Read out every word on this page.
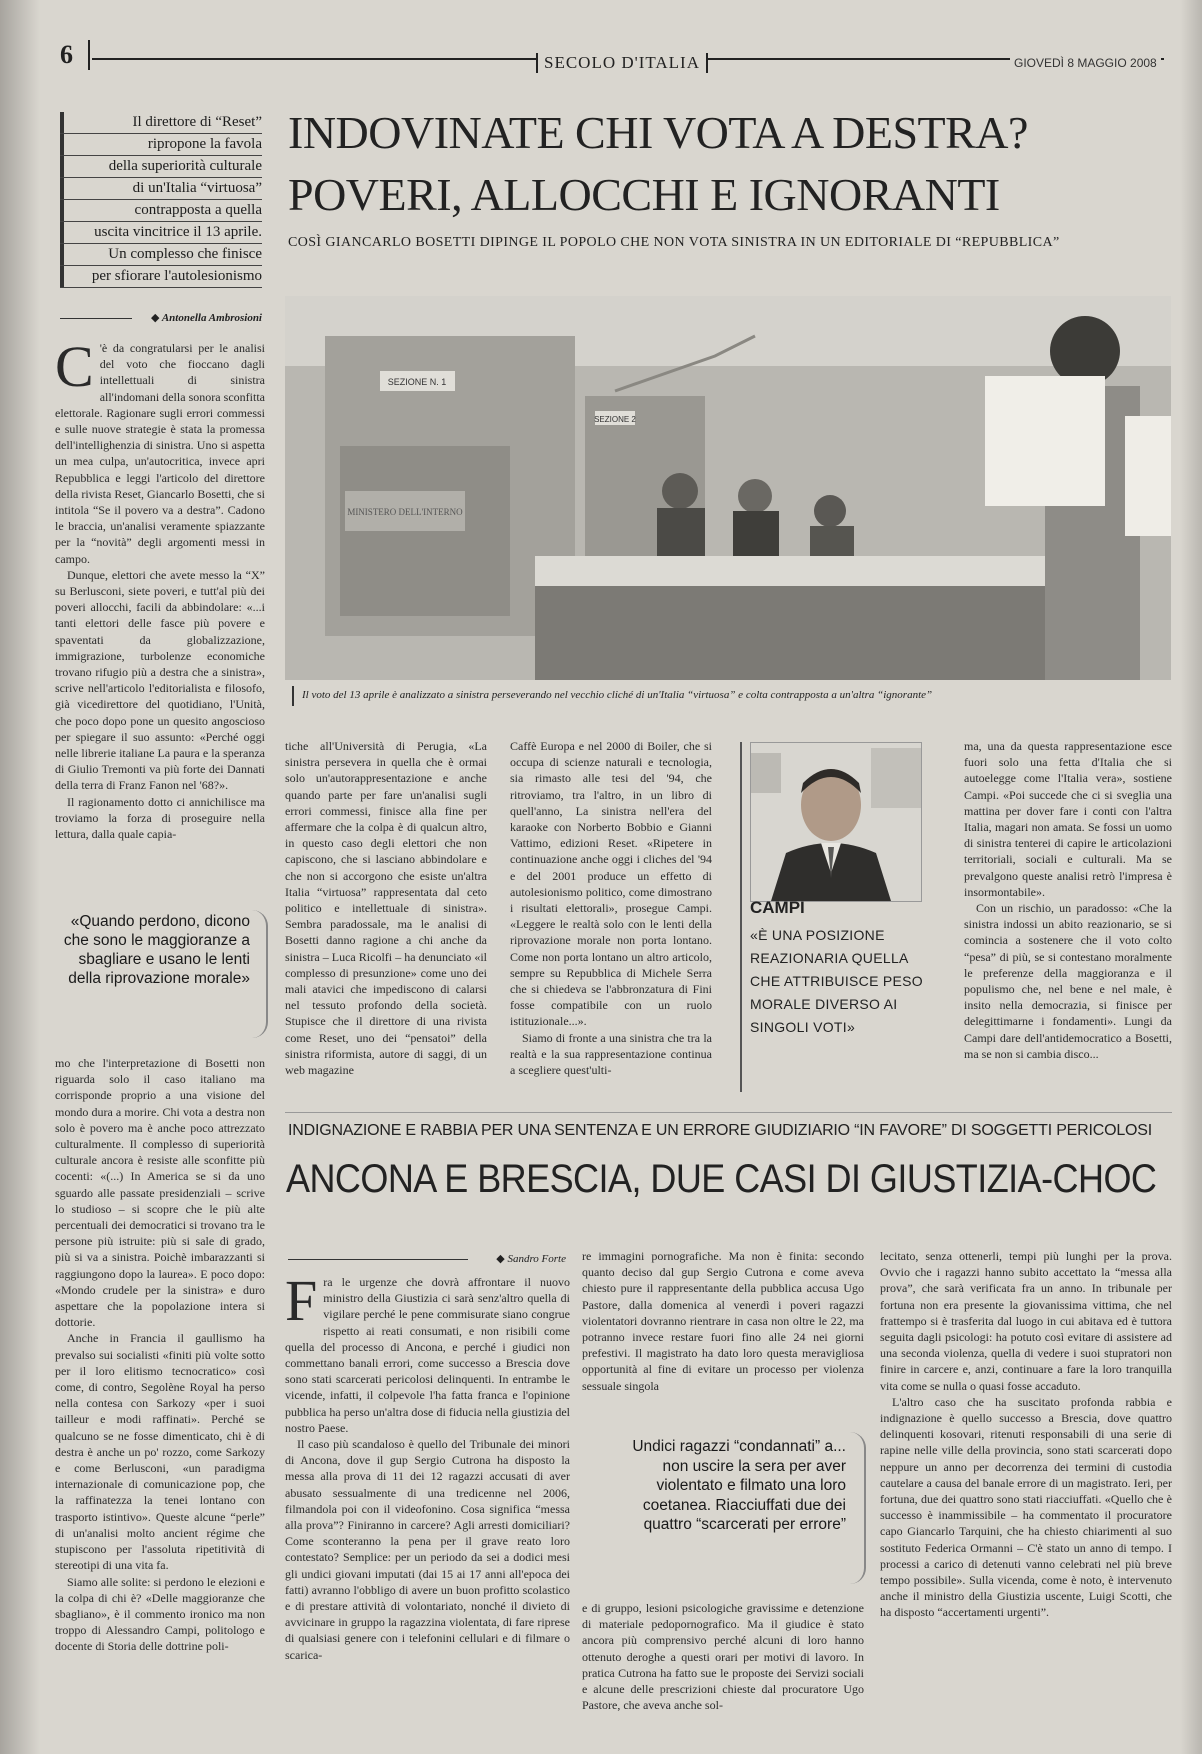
6	SECOLO D'ITALIA	GIOVEDÌ 8 MAGGIO 2008
Il direttore di “Reset”
ripropone la favola
della superiorità culturale
di un'Italia “virtuosa”
contrapposta a quella
uscita vincitrice il 13 aprile.
Un complesso che finisce
per sfiorare l'autolesionismo
INDOVINATE CHI VOTA A DESTRA?
POVERI, ALLOCCHI E IGNORANTI
COSÌ GIANCARLO BOSETTI DIPINGE IL POPOLO CHE NON VOTA SINISTRA IN UN EDITORIALE DI “REPUBBLICA”
◆ Antonella Ambrosioni

C 'è da congratularsi per le analisi del voto che fioccano dagli intellettuali di sinistra all'indomani della sonora sconfitta elettorale. Ragionare sugli errori commessi e sulle nuove strategie è stata la promessa dell'intellighenzia di sinistra. Uno si aspetta un mea culpa, un'autocritica, invece apri Repubblica e leggi l'articolo del direttore della rivista Reset, Giancarlo Bosetti, che si intitola “Se il povero va a destra”. Cadono le braccia, un'analisi veramente spiazzante per la “novità” degli argomenti messi in campo.

Dunque, elettori che avete messo la “X” su Berlusconi, siete poveri, e tutt'al più dei poveri allocchi, facili da abbindolare: «...i tanti elettori delle fasce più povere e spaventati da globalizzazione, immigrazione, turbolenze economiche trovano rifugio più a destra che a sinistra», scrive nell'articolo l'editorialista e filosofo, già vicedirettore del quotidiano, l'Unità, che poco dopo pone un quesito angoscioso per spiegare il suo assunto: «Perché oggi nelle librerie italiane La paura e la speranza di Giulio Tremonti va più forte dei Dannati della terra di Franz Fanon nel '68?».

Il ragionamento dotto ci annichilisce ma troviamo la forza di proseguire nella lettura, dalla quale capia-

«Quando perdono, dicono che sono le maggioranze a sbagliare e usano le lenti della riprovazione morale»

mo che l'interpretazione di Bosetti non riguarda solo il caso italiano ma corrisponde proprio a una visione del mondo dura a morire. Chi vota a destra non solo è povero ma è anche poco attrezzato culturalmente. Il complesso di superiorità culturale ancora è resiste alle sconfitte più cocenti: «(...) In America se si da uno sguardo alle passate presidenziali – scrive lo studioso – si scopre che le più alte percentuali dei democratici si trovano tra le persone più istruite: più si sale di grado, più si va a sinistra. Poichè imbarazzanti si raggiungono dopo la laurea». E poco dopo: «Mondo crudele per la sinistra» e duro aspettare che la popolazione intera si dottorie.

Anche in Francia il gaullismo ha prevalso sui socialisti «finiti più volte sotto per il loro elitismo tecnocratico» così come, di contro, Segolène Royal ha perso nella contesa con Sarkozy «per i suoi tailleur e modi raffinati». Perché se qualcuno se ne fosse dimenticato, chi è di destra è anche un po' rozzo, come Sarkozy e come Berlusconi, «un paradigma internazionale di comunicazione pop, che la raffinatezza la tenei lontano con trasporto istintivo». Queste alcune “perle” di un'analisi molto ancient régime che stupiscono per l'assoluta ripetitività di stereotipi di una vita fa.

Siamo alle solite: si perdono le elezioni e la colpa di chi è? «Delle maggioranze che sbagliano», è il commento ironico ma non troppo di Alessandro Campi, politologo e docente di Storia delle dottrine poli-

SEZIONE N. 1
SEZIONE 2
MINISTERO DELL'INTERNO
Il voto del 13 aprile è analizzato a sinistra perseverando nel vecchio cliché di un'Italia “virtuosa” e colta contrapposta a un'altra “ignorante”

tiche all'Università di Perugia, «La sinistra persevera in quella che è ormai solo un'autorappresentazione e anche quando parte per fare un'analisi sugli errori commessi, finisce alla fine per affermare che la colpa è di qualcun altro, in questo caso degli elettori che non capiscono, che si lasciano abbindolare e che non si accorgono che esiste un'altra Italia “virtuosa” rappresentata dal ceto politico e intellettuale di sinistra». Sembra paradossale, ma le analisi di Bosetti danno ragione a chi anche da sinistra – Luca Ricolfi – ha denunciato «il complesso di presunzione» come uno dei mali atavici che impediscono di calarsi nel tessuto profondo della società. Stupisce che il direttore di una rivista come Reset, uno dei “pensatoi” della sinistra riformista, autore di saggi, di un web magazine

Caffè Europa e nel 2000 di Boiler, che si occupa di scienze naturali e tecnologia, sia rimasto alle tesi del '94, che ritroviamo, tra l'altro, in un libro di quell'anno, La sinistra nell'era del karaoke con Norberto Bobbio e Gianni Vattimo, edizioni Reset. «Ripetere in continuazione anche oggi i cliches del '94 e del 2001 produce un effetto di autolesionismo politico, come dimostrano i risultati elettorali», prosegue Campi. «Leggere le realtà solo con le lenti della riprovazione morale non porta lontano. Come non porta lontano un altro articolo, sempre su Repubblica di Michele Serra che si chiedeva se l'abbronzatura di Fini fosse compatibile con un ruolo istituzionale...».

Siamo di fronte a una sinistra che tra la realtà e la sua rappresentazione continua a scegliere quest'ulti-

CAMPI
«È UNA POSIZIONE REAZIONARIA QUELLA CHE ATTRIBUISCE PESO MORALE DIVERSO AI SINGOLI VOTI»

ma, una da questa rappresentazione esce fuori solo una fetta d'Italia che si autoelegge come l'Italia vera», sostiene Campi. «Poi succede che ci si sveglia una mattina per dover fare i conti con l'altra Italia, magari non amata. Se fossi un uomo di sinistra tenterei di capire le articolazioni territoriali, sociali e culturali. Ma se prevalgono queste analisi retrò l'impresa è insormontabile».

Con un rischio, un paradosso: «Che la sinistra indossi un abito reazionario, se si comincia a sostenere che il voto colto “pesa” di più, se si contestano moralmente le preferenze della maggioranza e il populismo che, nel bene e nel male, è insito nella democrazia, si finisce per delegittimarne i fondamenti». Lungi da Campi dare dell'antidemocratico a Bosetti, ma se non si cambia disco...

INDIGNAZIONE E RABBIA PER UNA SENTENZA E UN ERRORE GIUDIZIARIO “IN FAVORE” DI SOGGETTI PERICOLOSI
ANCONA E BRESCIA, DUE CASI DI GIUSTIZIA-CHOC
◆ Sandro Forte

Fra le urgenze che dovrà affrontare il nuovo ministro della Giustizia ci sarà senz'altro quella di vigilare perché le pene commisurate siano congrue rispetto ai reati consumati, e non risibili come quella del processo di Ancona, e perché i giudici non commettano banali errori, come successo a Brescia dove sono stati scarcerati pericolosi delinquenti. In entrambe le vicende, infatti, il colpevole l'ha fatta franca e l'opinione pubblica ha perso un'altra dose di fiducia nella giustizia del nostro Paese.

Il caso più scandaloso è quello del Tribunale dei minori di Ancona, dove il gup Sergio Cutrona ha disposto la messa alla prova di 11 dei 12 ragazzi accusati di aver abusato sessualmente di una tredicenne nel 2006, filmandola poi con il videofonino. Cosa significa “messa alla prova”? Finiranno in carcere? Agli arresti domiciliari? Come sconteranno la pena per il grave reato loro contestato? Semplice: per un periodo da sei a dodici mesi gli undici giovani imputati (dai 15 ai 17 anni all'epoca dei fatti) avranno l'obbligo di avere un buon profitto scolastico e di prestare attività di volontariato, nonché il divieto di avvicinare in gruppo la ragazzina violentata, di fare riprese di qualsiasi genere con i telefonini cellulari e di filmare o scarica-

re immagini pornografiche. Ma non è finita: secondo quanto deciso dal gup Sergio Cutrona e come aveva chiesto pure il rappresentante della pubblica accusa Ugo Pastore, dalla domenica al venerdì i poveri ragazzi violentatori dovranno rientrare in casa non oltre le 22, ma potranno invece restare fuori fino alle 24 nei giorni prefestivi. Il magistrato ha dato loro questa meravigliosa opportunità al fine di evitare un processo per violenza sessuale singola

Undici ragazzi “condannati” a... non uscire la sera per aver violentato e filmato una loro coetanea. Riacciuffati due dei quattro “scarcerati per errore”

e di gruppo, lesioni psicologiche gravissime e detenzione di materiale pedopornografico. Ma il giudice è stato ancora più comprensivo perché alcuni di loro hanno ottenuto deroghe a questi orari per motivi di lavoro. In pratica Cutrona ha fatto sue le proposte dei Servizi sociali e alcune delle prescrizioni chieste dal procuratore Ugo Pastore, che aveva anche sol-

lecitato, senza ottenerli, tempi più lunghi per la prova. Ovvio che i ragazzi hanno subito accettato la “messa alla prova”, che sarà verificata fra un anno. In tribunale per fortuna non era presente la giovanissima vittima, che nel frattempo si è trasferita dal luogo in cui abitava ed è tuttora seguita dagli psicologi: ha potuto così evitare di assistere ad una seconda violenza, quella di vedere i suoi stupratori non finire in carcere e, anzi, continuare a fare la loro tranquilla vita come se nulla o quasi fosse accaduto.

L'altro caso che ha suscitato profonda rabbia e indignazione è quello successo a Brescia, dove quattro delinquenti kosovari, ritenuti responsabili di una serie di rapine nelle ville della provincia, sono stati scarcerati dopo neppure un anno per decorrenza dei termini di custodia cautelare a causa del banale errore di un magistrato. Ieri, per fortuna, due dei quattro sono stati riacciuffati. «Quello che è successo è inammissibile – ha commentato il procuratore capo Giancarlo Tarquini, che ha chiesto chiarimenti al suo sostituto Federica Ormanni – C'è stato un anno di tempo. I processi a carico di detenuti vanno celebrati nel più breve tempo possibile». Sulla vicenda, come è noto, è intervenuto anche il ministro della Giustizia uscente, Luigi Scotti, che ha disposto “accertamenti urgenti”.
